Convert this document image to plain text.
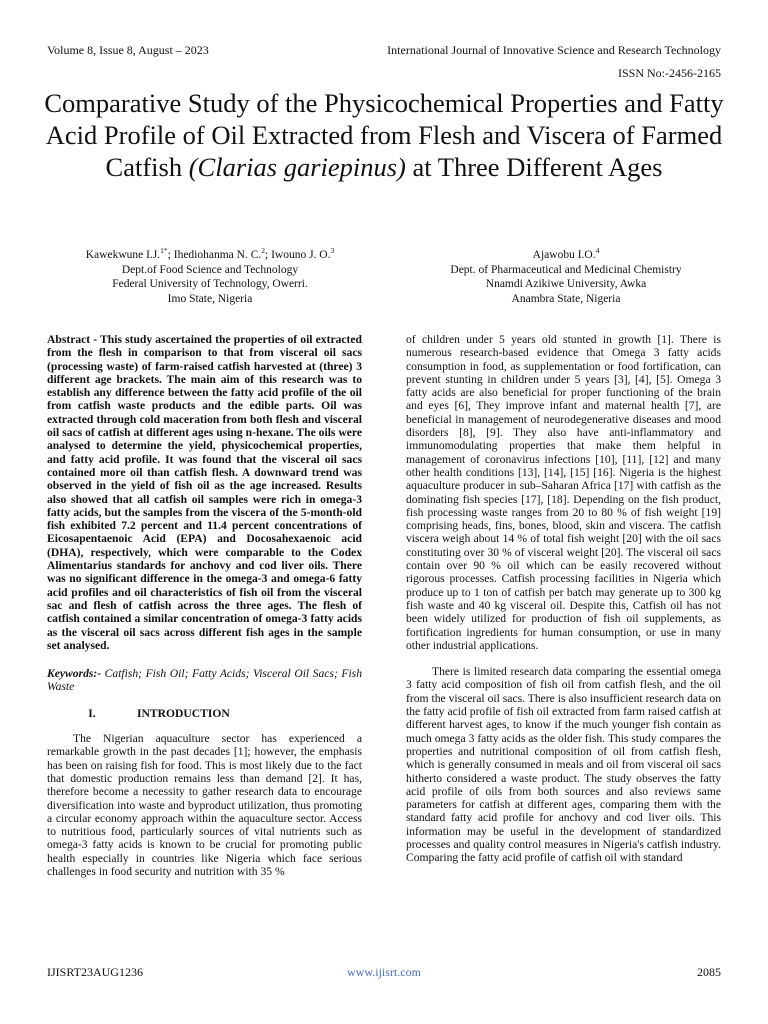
Volume 8, Issue 8, August – 2023	International Journal of Innovative Science and Research Technology
ISSN No:-2456-2165
Comparative Study of the Physicochemical Properties and Fatty Acid Profile of Oil Extracted from Flesh and Viscera of Farmed Catfish (Clarias gariepinus) at Three Different Ages
Kawekwune I.J.$^{1*}$; Ihediohanma N. C.$^2$; Iwouno J. O.$^3$
Dept.of Food Science and Technology
Federal University of Technology, Owerri.
Imo State, Nigeria
Ajawobu I.O.$^4$
Dept. of Pharmaceutical and Medicinal Chemistry
Nnamdi Azikiwe University, Awka
Anambra State, Nigeria

Abstract - This study ascertained the properties of oil extracted from the flesh in comparison to that from visceral oil sacs (processing waste) of farm-raised catfish harvested at (three) 3 different age brackets. The main aim of this research was to establish any difference between the fatty acid profile of the oil from catfish waste products and the edible parts. Oil was extracted through cold maceration from both flesh and visceral oil sacs of catfish at different ages using n-hexane. The oils were analysed to determine the yield, physicochemical properties, and fatty acid profile. It was found that the visceral oil sacs contained more oil than catfish flesh. A downward trend was observed in the yield of fish oil as the age increased. Results also showed that all catfish oil samples were rich in omega-3 fatty acids, but the samples from the viscera of the 5-month-old fish exhibited 7.2 percent and 11.4 percent concentrations of Eicosapentaenoic Acid (EPA) and Docosahexaenoic acid (DHA), respectively, which were comparable to the Codex Alimentarius standards for anchovy and cod liver oils. There was no significant difference in the omega-3 and omega-6 fatty acid profiles and oil characteristics of fish oil from the visceral sac and flesh of catfish across the three ages. The flesh of catfish contained a similar concentration of omega-3 fatty acids as the visceral oil sacs across different fish ages in the sample set analysed.

Keywords:- Catfish; Fish Oil; Fatty Acids; Visceral Oil Sacs; Fish Waste

I.	INTRODUCTION

The Nigerian aquaculture sector has experienced a remarkable growth in the past decades [1]; however, the emphasis has been on raising fish for food. This is most likely due to the fact that domestic production remains less than demand [2]. It has, therefore become a necessity to gather research data to encourage diversification into waste and byproduct utilization, thus promoting a circular economy approach within the aquaculture sector. Access to nutritious food, particularly sources of vital nutrients such as omega-3 fatty acids is known to be crucial for promoting public health especially in countries like Nigeria which face serious challenges in food security and nutrition with 35 %

of children under 5 years old stunted in growth [1]. There is numerous research-based evidence that Omega 3 fatty acids consumption in food, as supplementation or food fortification, can prevent stunting in children under 5 years [3], [4], [5]. Omega 3 fatty acids are also beneficial for proper functioning of the brain and eyes [6], They improve infant and maternal health [7], are beneficial in management of neurodegenerative diseases and mood disorders [8], [9]. They also have anti-inflammatory and immunomodulating properties that make them helpful in management of coronavirus infections [10], [11], [12] and many other health conditions [13], [14], [15] [16]. Nigeria is the highest aquaculture producer in sub–Saharan Africa [17] with catfish as the dominating fish species [17], [18]. Depending on the fish product, fish processing waste ranges from 20 to 80 % of fish weight [19] comprising heads, fins, bones, blood, skin and viscera. The catfish viscera weigh about 14 % of total fish weight [20] with the oil sacs constituting over 30 % of visceral weight [20]. The visceral oil sacs contain over 90 % oil which can be easily recovered without rigorous processes. Catfish processing facilities in Nigeria which produce up to 1 ton of catfish per batch may generate up to 300 kg fish waste and 40 kg visceral oil. Despite this, Catfish oil has not been widely utilized for production of fish oil supplements, as fortification ingredients for human consumption, or use in many other industrial applications.

There is limited research data comparing the essential omega 3 fatty acid composition of fish oil from catfish flesh, and the oil from the visceral oil sacs. There is also insufficient research data on the fatty acid profile of fish oil extracted from farm raised catfish at different harvest ages, to know if the much younger fish contain as much omega 3 fatty acids as the older fish. This study compares the properties and nutritional composition of oil from catfish flesh, which is generally consumed in meals and oil from visceral oil sacs hitherto considered a waste product. The study observes the fatty acid profile of oils from both sources and also reviews same parameters for catfish at different ages, comparing them with the standard fatty acid profile for anchovy and cod liver oils. This information may be useful in the development of standardized processes and quality control measures in Nigeria's catfish industry. Comparing the fatty acid profile of catfish oil with standard

IJISRT23AUG1236	www.ijisrt.com	2085
